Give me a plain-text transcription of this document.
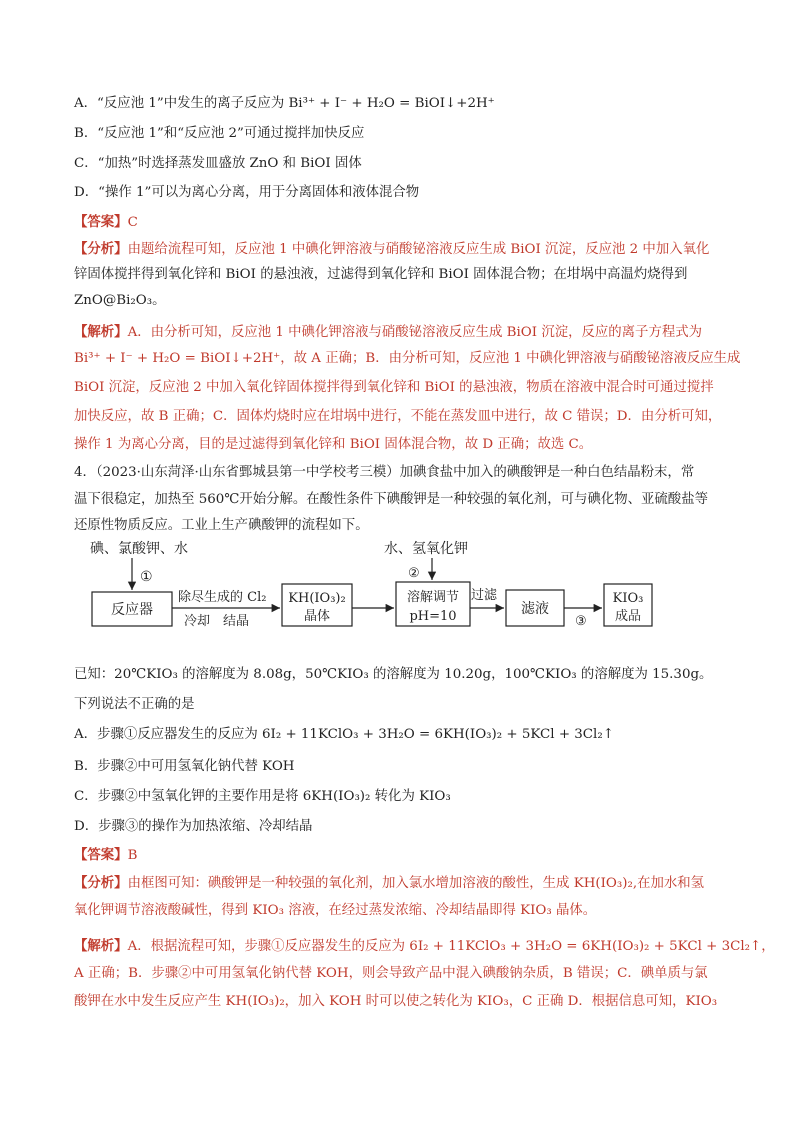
A．“反应池 1”中发生的离子反应为 Bi³⁺ + I⁻ + H₂O = BiOI↓+2H⁺
B．“反应池 1”和“反应池 2”可通过搅拌加快反应
C．“加热”时选择蒸发皿盛放 ZnO 和 BiOI 固体
D．“操作 1”可以为离心分离，用于分离固体和液体混合物
【答案】C
【分析】由题给流程可知，反应池 1 中碘化钾溶液与硝酸铋溶液反应生成 BiOI 沉淀，反应池 2 中加入氧化
锌固体搅拌得到氧化锌和 BiOI 的悬浊液，过滤得到氧化锌和 BiOI 固体混合物；在坩埚中高温灼烧得到
ZnO@Bi₂O₃。
【解析】A．由分析可知，反应池 1 中碘化钾溶液与硝酸铋溶液反应生成 BiOI 沉淀，反应的离子方程式为
Bi³⁺ + I⁻ + H₂O = BiOI↓+2H⁺，故 A 正确；B．由分析可知，反应池 1 中碘化钾溶液与硝酸铋溶液反应生成
BiOI 沉淀，反应池 2 中加入氧化锌固体搅拌得到氧化锌和 BiOI 的悬浊液，物质在溶液中混合时可通过搅拌
加快反应，故 B 正确；C．固体灼烧时应在坩埚中进行，不能在蒸发皿中进行，故 C 错误；D．由分析可知，
操作 1 为离心分离，目的是过滤得到氧化锌和 BiOI 固体混合物，故 D 正确；故选 C。
4．（2023·山东菏泽·山东省鄄城县第一中学校考三模）加碘食盐中加入的碘酸钾是一种白色结晶粉末，常
温下很稳定，加热至 560℃开始分解。在酸性条件下碘酸钾是一种较强的氧化剂，可与碘化物、亚硫酸盐等
还原性物质反应。工业上生产碘酸钾的流程如下。
碘、氯酸钾、水
①
反应器
除尽生成的 Cl₂
冷却　结晶
KH(IO₃)₂
晶体
水、氢氧化钾
②
溶解调节
pH=10
过滤
滤液
③
KIO₃
成品
已知：20℃KIO₃ 的溶解度为 8.08g，50℃KIO₃ 的溶解度为 10.20g，100℃KIO₃ 的溶解度为 15.30g。
下列说法不正确的是
A．步骤①反应器发生的反应为 6I₂ + 11KClO₃ + 3H₂O = 6KH(IO₃)₂ + 5KCl + 3Cl₂↑
B．步骤②中可用氢氧化钠代替 KOH
C．步骤②中氢氧化钾的主要作用是将 6KH(IO₃)₂ 转化为 KIO₃
D．步骤③的操作为加热浓缩、冷却结晶
【答案】B
【分析】由框图可知：碘酸钾是一种较强的氧化剂，加入氯水增加溶液的酸性，生成 KH(IO₃)₂,在加水和氢
氧化钾调节溶液酸碱性，得到 KIO₃ 溶液，在经过蒸发浓缩、冷却结晶即得 KIO₃ 晶体。
【解析】A．根据流程可知，步骤①反应器发生的反应为 6I₂ + 11KClO₃ + 3H₂O = 6KH(IO₃)₂ + 5KCl + 3Cl₂↑，
A 正确；B．步骤②中可用氢氧化钠代替 KOH，则会导致产品中混入碘酸钠杂质，B 错误；C．碘单质与氯
酸钾在水中发生反应产生 KH(IO₃)₂，加入 KOH 时可以使之转化为 KIO₃，C 正确 D．根据信息可知，KIO₃
